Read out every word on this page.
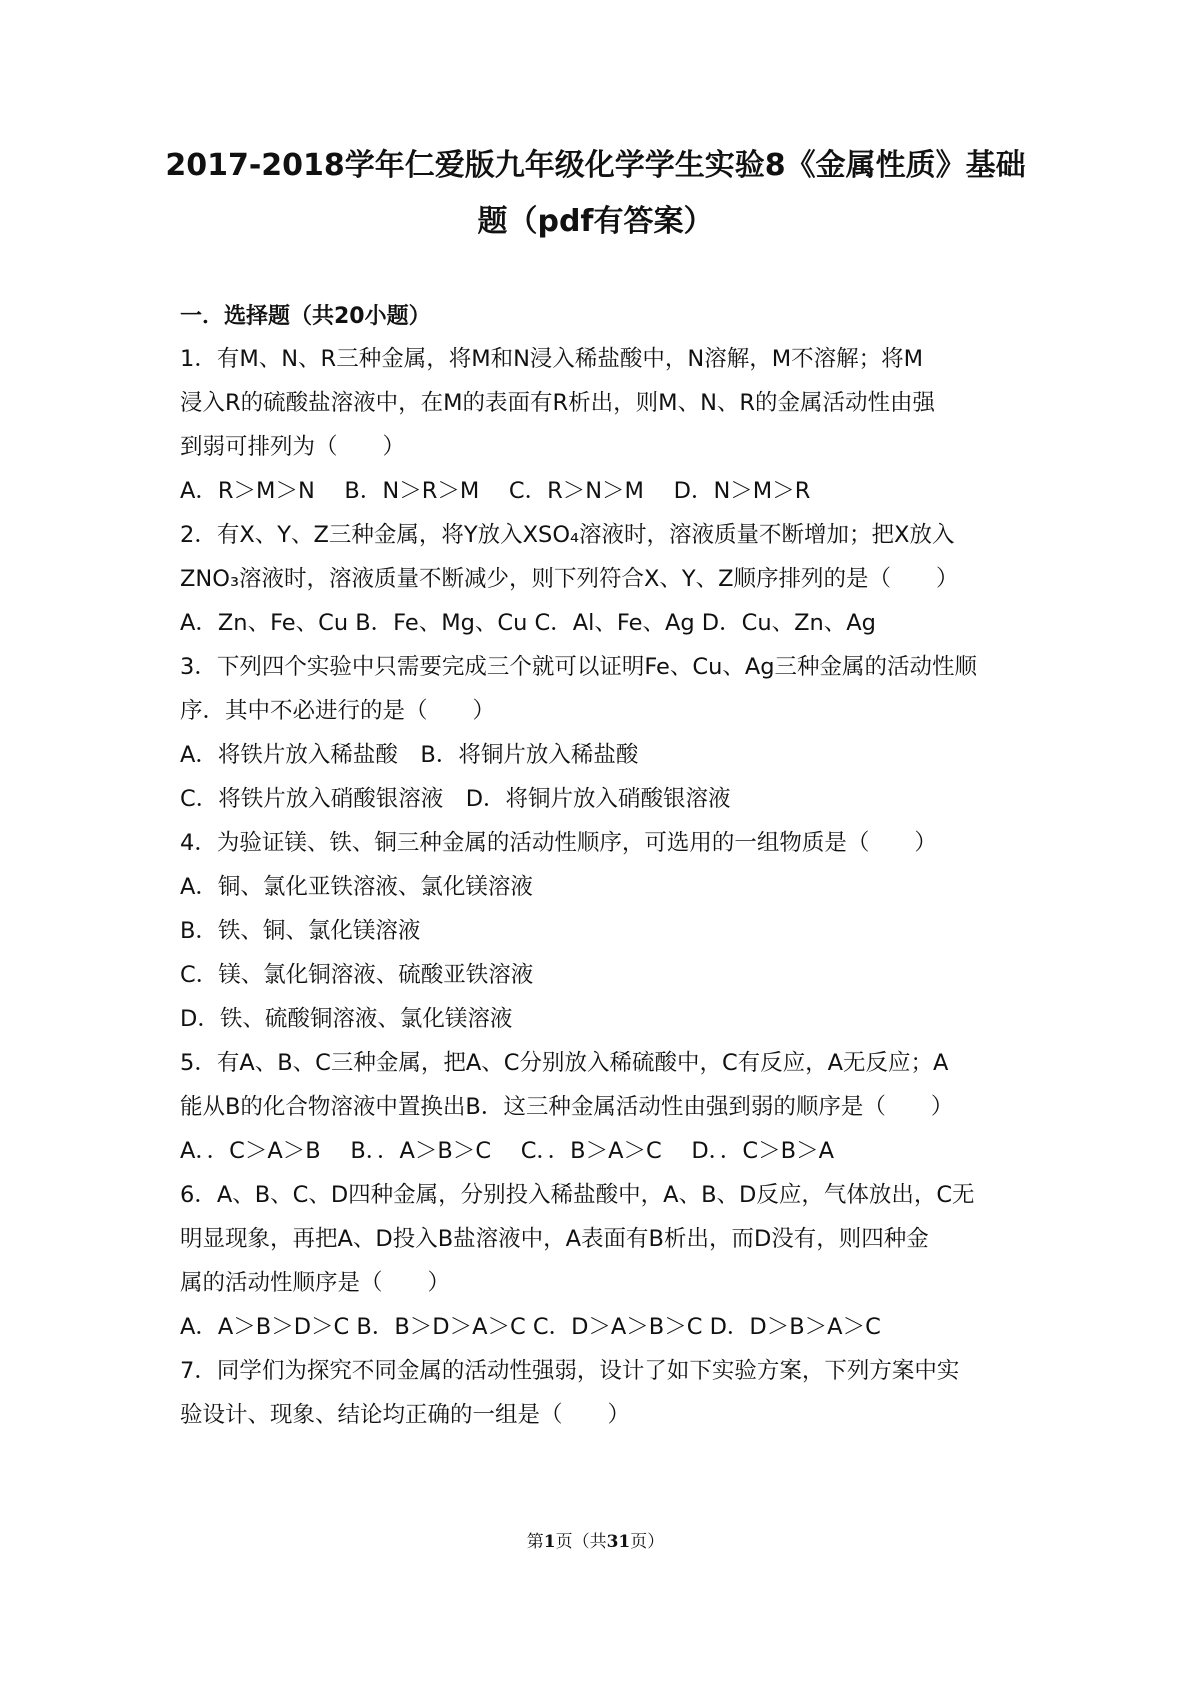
2017-2018学年仁爱版九年级化学学生实验8《金属性质》基础
题（pdf有答案）
一．选择题（共20小题）
1．有M、N、R三种金属，将M和N浸入稀盐酸中，N溶解，M不溶解；将M
浸入R的硫酸盐溶液中，在M的表面有R析出，则M、N、R的金属活动性由强
到弱可排列为（　　）
A．R＞M＞N　 B．N＞R＞M　 C．R＞N＞M　 D．N＞M＞R
2．有X、Y、Z三种金属，将Y放入XSO₄溶液时，溶液质量不断增加；把X放入
ZNO₃溶液时，溶液质量不断减少，则下列符合X、Y、Z顺序排列的是（　　）
A．Zn、Fe、Cu B．Fe、Mg、Cu C．Al、Fe、Ag D．Cu、Zn、Ag
3．下列四个实验中只需要完成三个就可以证明Fe、Cu、Ag三种金属的活动性顺
序．其中不必进行的是（　　）
A．将铁片放入稀盐酸　B．将铜片放入稀盐酸
C．将铁片放入硝酸银溶液　D．将铜片放入硝酸银溶液
4．为验证镁、铁、铜三种金属的活动性顺序，可选用的一组物质是（　　）
A．铜、氯化亚铁溶液、氯化镁溶液
B．铁、铜、氯化镁溶液
C．镁、氯化铜溶液、硫酸亚铁溶液
D．铁、硫酸铜溶液、氯化镁溶液
5．有A、B、C三种金属，把A、C分别放入稀硫酸中，C有反应，A无反应；A
能从B的化合物溶液中置换出B．这三种金属活动性由强到弱的顺序是（　　）
A．．C＞A＞B　 B．．A＞B＞C　 C．．B＞A＞C　 D．．C＞B＞A
6．A、B、C、D四种金属，分别投入稀盐酸中，A、B、D反应，气体放出，C无
明显现象，再把A、D投入B盐溶液中，A表面有B析出，而D没有，则四种金
属的活动性顺序是（　　）
A．A＞B＞D＞C B．B＞D＞A＞C C．D＞A＞B＞C D．D＞B＞A＞C
7．同学们为探究不同金属的活动性强弱，设计了如下实验方案，下列方案中实
验设计、现象、结论均正确的一组是（　　）
第1页（共31页）
